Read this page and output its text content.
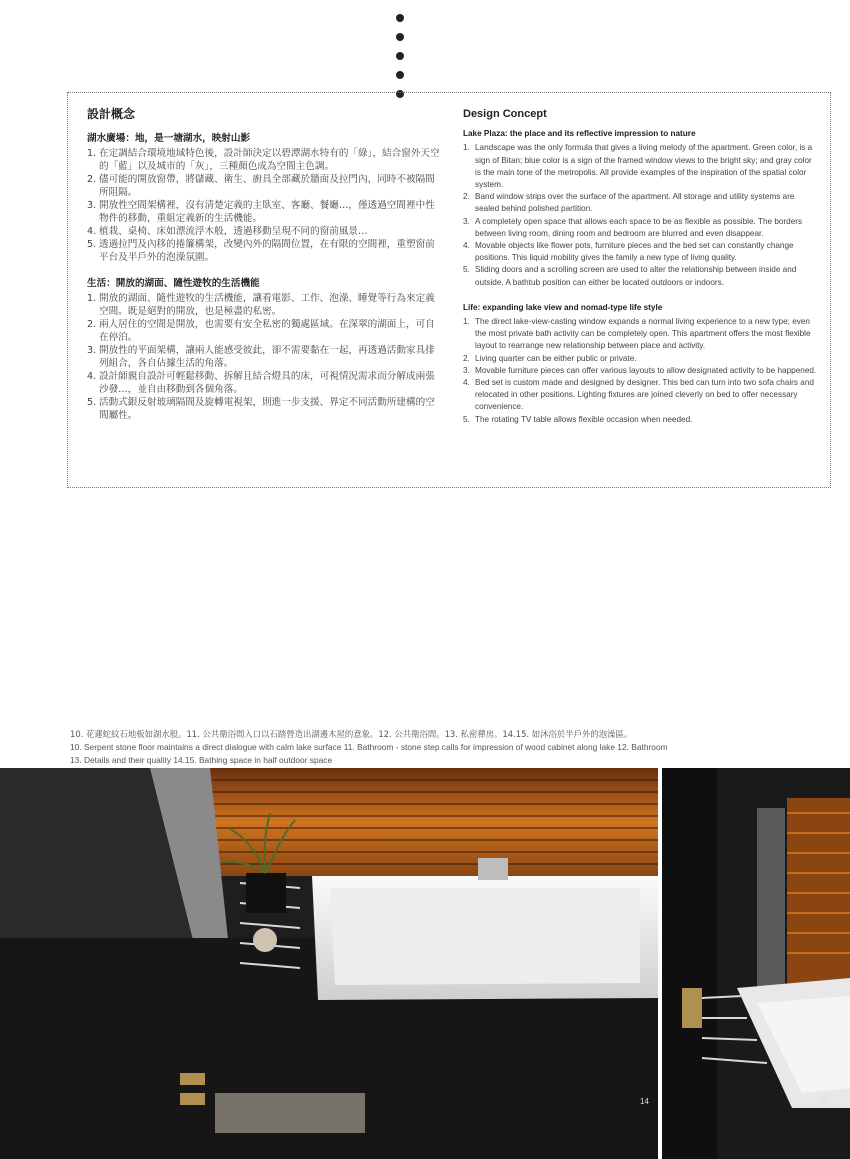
設計概念
湖水廣場：地，是一塘湖水，映射山影
1. 在定調結合環境地域特色後，設計師決定以碧潭湖水特有的「綠」，結合窗外天空的「藍」以及城市的「灰」，三種顏色成為空間主色調。
2. 儘可能的開放窗帶，將儲藏、衛生、廚具全部藏於牆面及拉門內，同時不被隔間所阻隔。
3. 開放性空間架構裡，沒有清楚定義的主臥室、客廳、餐廳…，僅透過空間裡中性物件的移動，重組定義新的生活機能。
4. 植栽、桌椅、床如漂流浮木般，透過移動呈現不同的窗前風景…
5. 透過拉門及內移的捲簾構架，改變內外的隔間位置，在有限的空間裡，重塑窗前平台及半戶外的泡澡氛圍。
生活：開放的湖面、隨性遊牧的生活機能
1. 開放的湖面、隨性遊牧的生活機能，讓看電影、工作、泡澡、睡覺等行為來定義空間。既是絕對的開放，也是極盡的私密。
2. 兩人居住的空間是開放，也需要有安全私密的獨處區域。在深翠的湖面上，可自在停泊。
3. 開放性的平面架構，讓兩人能感受彼此，卻不需要黏在一起，再透過活動家具排列組合，各自佔據生活的角落。
4. 設計師親自設計可輕鬆移動、拆解且結合燈具的床，可視情況需求而分解成兩張沙發…，並自由移動到各個角落。
5. 活動式銀反射玻璃隔間及旋轉電視架，則進一步支援、界定不同活動所建構的空間屬性。
Design Concept
Lake Plaza: the place and its reflective impression to nature
1. Landscape was the only formula that gives a living melody of the apartment. Green color, is a sign of Bitan; blue color is a sign of the framed window views to the bright sky; and gray color is the main tone of the metropolis. All provide examples of the inspiration of the spatial color system.
2. Band window strips over the surface of the apartment. All storage and utility systems are sealed behind polished partition.
3. A completely open space that allows each space to be as flexible as possible. The borders between living room, dining room and bedroom are blurred and even disappear.
4. Movable objects like flower pots, furniture pieces and the bed set can constantly change positions. This liquid mobility gives the family a new type of living quality.
5. Sliding doors and a scrolling screen are used to alter the relationship between inside and outside. A bathtub position can either be located outdoors or indoors.
Life: expanding lake view and nomad-type life style
1. The direct lake-view-casting window expands a normal living experience to a new type; even the most private bath activity can be completely open. This apartment offers the most flexible layout to rearrange new relationship between place and activity.
2. Living quarter can be either public or private.
3. Movable furniture pieces can offer various layouts to allow designated activity to be happened.
4. Bed set is custom made and designed by designer. This bed can turn into two sofa chairs and relocated in other positions. Lighting fixtures are joined cleverly on bed to offer necessary convenience.
5. The rotating TV table allows flexible occasion when needed.

10. 花蓮蛇紋石地板如湖水般。11. 公共衛浴間入口以石踏營造出湖邊木屋的意象。12. 公共衛浴間。13. 私密禪房。14.15. 如沐浴於半戶外的泡澡區。

10. Serpent stone floor maintains a direct dialogue with calm lake surface 11. Bathroom - stone step calls for impression of wood cabinet along lake 12. Bathroom

13. Details and their quality 14.15. Bathing space in half outdoor space

14	15
